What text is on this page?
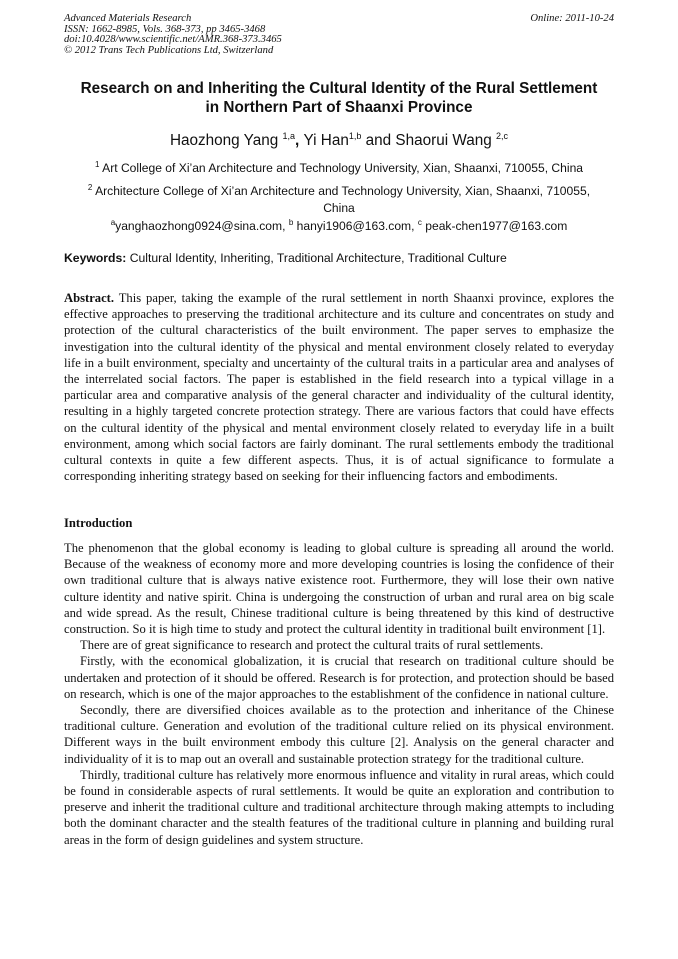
Advanced Materials Research
ISSN: 1662-8985, Vols. 368-373, pp 3465-3468
doi:10.4028/www.scientific.net/AMR.368-373.3465
© 2012 Trans Tech Publications Ltd, Switzerland
Online: 2011-10-24
Research on and Inheriting the Cultural Identity of the Rural Settlement
in Northern Part of Shaanxi Province
Haozhong Yang $^{1,a}$, Yi Han$^{1,b}$ and Shaorui Wang $^{2,c}$
$^1$ Art College of Xi’an Architecture and Technology University, Xian, Shaanxi, 710055, China
$^2$ Architecture College of Xi’an Architecture and Technology University, Xian, Shaanxi, 710055,
China
$^a$yanghaozhong0924@sina.com, $^b$ hanyi1906@163.com, $^c$ peak-chen1977@163.com
Keywords: Cultural Identity, Inheriting, Traditional Architecture, Traditional Culture

Abstract. This paper, taking the example of the rural settlement in north Shaanxi province, explores the effective approaches to preserving the traditional architecture and its culture and concentrates on study and protection of the cultural characteristics of the built environment. The paper serves to emphasize the investigation into the cultural identity of the physical and mental environment closely related to everyday life in a built environment, specialty and uncertainty of the cultural traits in a particular area and analyses of the interrelated social factors. The paper is established in the field research into a typical village in a particular area and comparative analysis of the general character and individuality of the cultural identity, resulting in a highly targeted concrete protection strategy. There are various factors that could have effects on the cultural identity of the physical and mental environment closely related to everyday life in a built environment, among which social factors are fairly dominant. The rural settlements embody the traditional cultural contexts in quite a few different aspects. Thus, it is of actual significance to formulate a corresponding inheriting strategy based on seeking for their influencing factors and embodiments.

Introduction

The phenomenon that the global economy is leading to global culture is spreading all around the world. Because of the weakness of economy more and more developing countries is losing the confidence of their own traditional culture that is always native existence root. Furthermore, they will lose their own native culture identity and native spirit. China is undergoing the construction of urban and rural area on big scale and wide spread. As the result, Chinese traditional culture is being threatened by this kind of destructive construction. So it is high time to study and protect the cultural identity in traditional built environment [1].

There are of great significance to research and protect the cultural traits of rural settlements.

Firstly, with the economical globalization, it is crucial that research on traditional culture should be undertaken and protection of it should be offered. Research is for protection, and protection should be based on research, which is one of the major approaches to the establishment of the confidence in national culture.

Secondly, there are diversified choices available as to the protection and inheritance of the Chinese traditional culture. Generation and evolution of the traditional culture relied on its physical environment. Different ways in the built environment embody this culture [2]. Analysis on the general character and individuality of it is to map out an overall and sustainable protection strategy for the traditional culture.

Thirdly, traditional culture has relatively more enormous influence and vitality in rural areas, which could be found in considerable aspects of rural settlements. It would be quite an exploration and contribution to preserve and inherit the traditional culture and traditional architecture through making attempts to including both the dominant character and the stealth features of the traditional culture in planning and building rural areas in the form of design guidelines and system structure.
